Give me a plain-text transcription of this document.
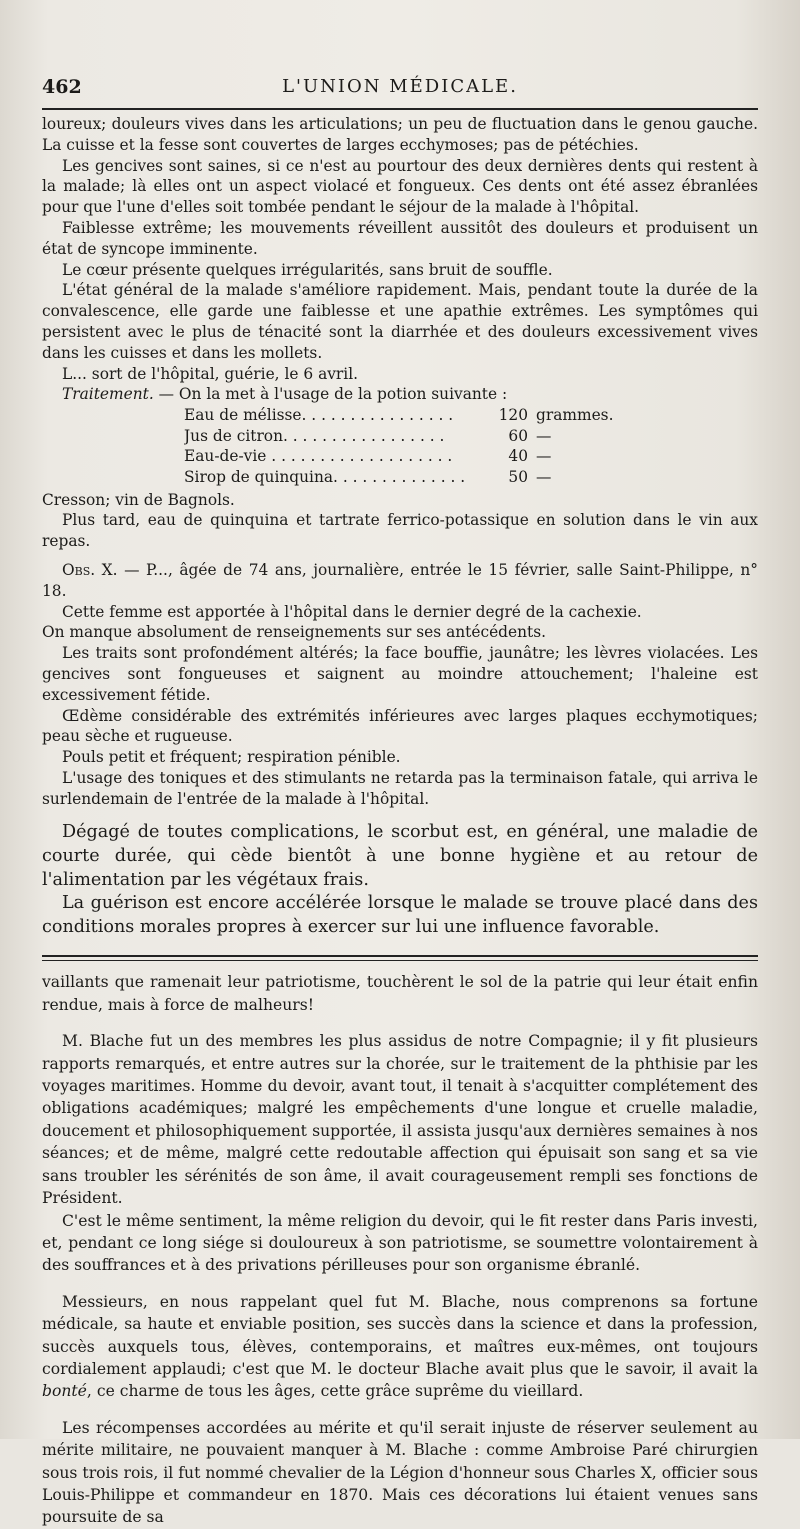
462	L'UNION MÉDICALE.

loureux; douleurs vives dans les articulations; un peu de fluctuation dans le genou gauche. La cuisse et la fesse sont couvertes de larges ecchymoses; pas de pétéchies.

Les gencives sont saines, si ce n'est au pourtour des deux dernières dents qui restent à la malade; là elles ont un aspect violacé et fongueux. Ces dents ont été assez ébranlées pour que l'une d'elles soit tombée pendant le séjour de la malade à l'hôpital.

Faiblesse extrême; les mouvements réveillent aussitôt des douleurs et produisent un état de syncope imminente.

Le cœur présente quelques irrégularités, sans bruit de souffle.

L'état général de la malade s'améliore rapidement. Mais, pendant toute la durée de la convalescence, elle garde une faiblesse et une apathie extrêmes. Les symptômes qui persistent avec le plus de ténacité sont la diarrhée et des douleurs excessivement vives dans les cuisses et dans les mollets.

L... sort de l'hôpital, guérie, le 6 avril.

Traitement. — On la met à l'usage de la potion suivante :

Eau de mélisse. . . . . . . . . . . . . . . .	120 grammes.
Jus de citron. . . . . . . . . . . . . . . . .	60 —
Eau-de-vie . . . . . . . . . . . . . . . . . . .	40 —
Sirop de quinquina. . . . . . . . . . . . . .	50 —

Cresson; vin de Bagnols.

Plus tard, eau de quinquina et tartrate ferrico-potassique en solution dans le vin aux repas.

Obs. X. — P..., âgée de 74 ans, journalière, entrée le 15 février, salle Saint-Philippe, n° 18.

Cette femme est apportée à l'hôpital dans le dernier degré de la cachexie.

On manque absolument de renseignements sur ses antécédents.

Les traits sont profondément altérés; la face bouffie, jaunâtre; les lèvres violacées. Les gencives sont fongueuses et saignent au moindre attouchement; l'haleine est excessivement fétide.

Œdème considérable des extrémités inférieures avec larges plaques ecchymotiques; peau sèche et rugueuse.

Pouls petit et fréquent; respiration pénible.

L'usage des toniques et des stimulants ne retarda pas la terminaison fatale, qui arriva le surlendemain de l'entrée de la malade à l'hôpital.

Dégagé de toutes complications, le scorbut est, en général, une maladie de courte durée, qui cède bientôt à une bonne hygiène et au retour de l'alimentation par les végétaux frais.

La guérison est encore accélérée lorsque le malade se trouve placé dans des conditions morales propres à exercer sur lui une influence favorable.

vaillants que ramenait leur patriotisme, touchèrent le sol de la patrie qui leur était enfin rendue, mais à force de malheurs!

M. Blache fut un des membres les plus assidus de notre Compagnie; il y fit plusieurs rapports remarqués, et entre autres sur la chorée, sur le traitement de la phthisie par les voyages maritimes. Homme du devoir, avant tout, il tenait à s'acquitter complétement des obligations académiques; malgré les empêchements d'une longue et cruelle maladie, doucement et philosophiquement supportée, il assista jusqu'aux dernières semaines à nos séances; et de même, malgré cette redoutable affection qui épuisait son sang et sa vie sans troubler les sérénités de son âme, il avait courageusement rempli ses fonctions de Président.

C'est le même sentiment, la même religion du devoir, qui le fit rester dans Paris investi, et, pendant ce long siége si douloureux à son patriotisme, se soumettre volontairement à des souffrances et à des privations périlleuses pour son organisme ébranlé.

Messieurs, en nous rappelant quel fut M. Blache, nous comprenons sa fortune médicale, sa haute et enviable position, ses succès dans la science et dans la profession, succès auxquels tous, élèves, contemporains, et maîtres eux-mêmes, ont toujours cordialement applaudi; c'est que M. le docteur Blache avait plus que le savoir, il avait la bonté, ce charme de tous les âges, cette grâce suprême du vieillard.

Les récompenses accordées au mérite et qu'il serait injuste de réserver seulement au mérite militaire, ne pouvaient manquer à M. Blache : comme Ambroise Paré chirurgien sous trois rois, il fut nommé chevalier de la Légion d'honneur sous Charles X, officier sous Louis-Philippe et commandeur en 1870. Mais ces décorations lui étaient venues sans poursuite de sa
